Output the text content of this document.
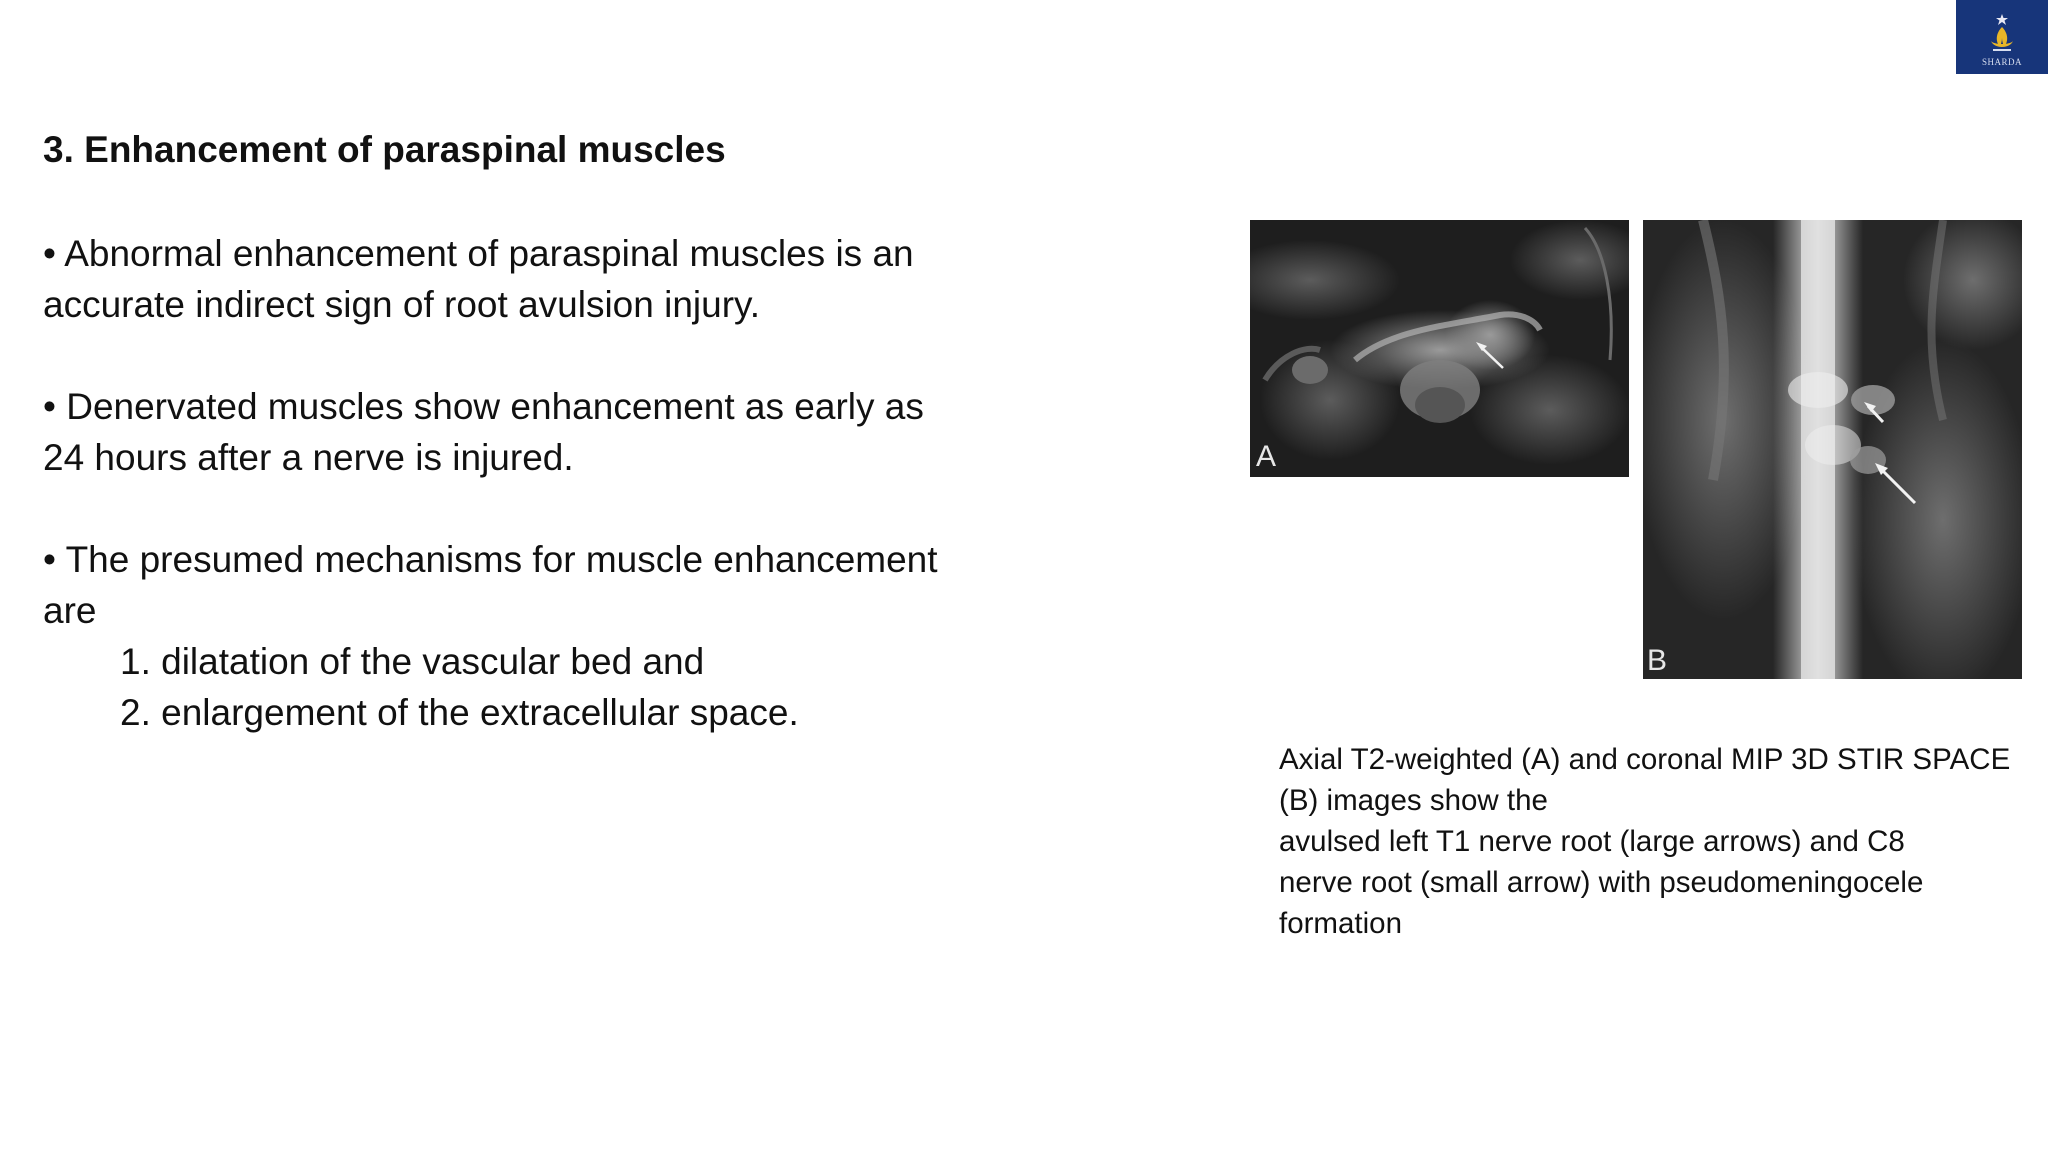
SHARDA
3. Enhancement of paraspinal muscles

• Abnormal enhancement of paraspinal muscles is an accurate indirect sign of root avulsion injury.

• Denervated muscles show enhancement as early as 24 hours after a nerve is injured.

• The presumed mechanisms for muscle enhancement are

1. dilatation of the vascular bed and
2. enlargement of the extracellular space.
A
B

Axial T2-weighted (A) and coronal MIP 3D STIR SPACE
(B) images show the
avulsed left T1 nerve root (large arrows) and C8
nerve root (small arrow) with pseudomeningocele
formation
